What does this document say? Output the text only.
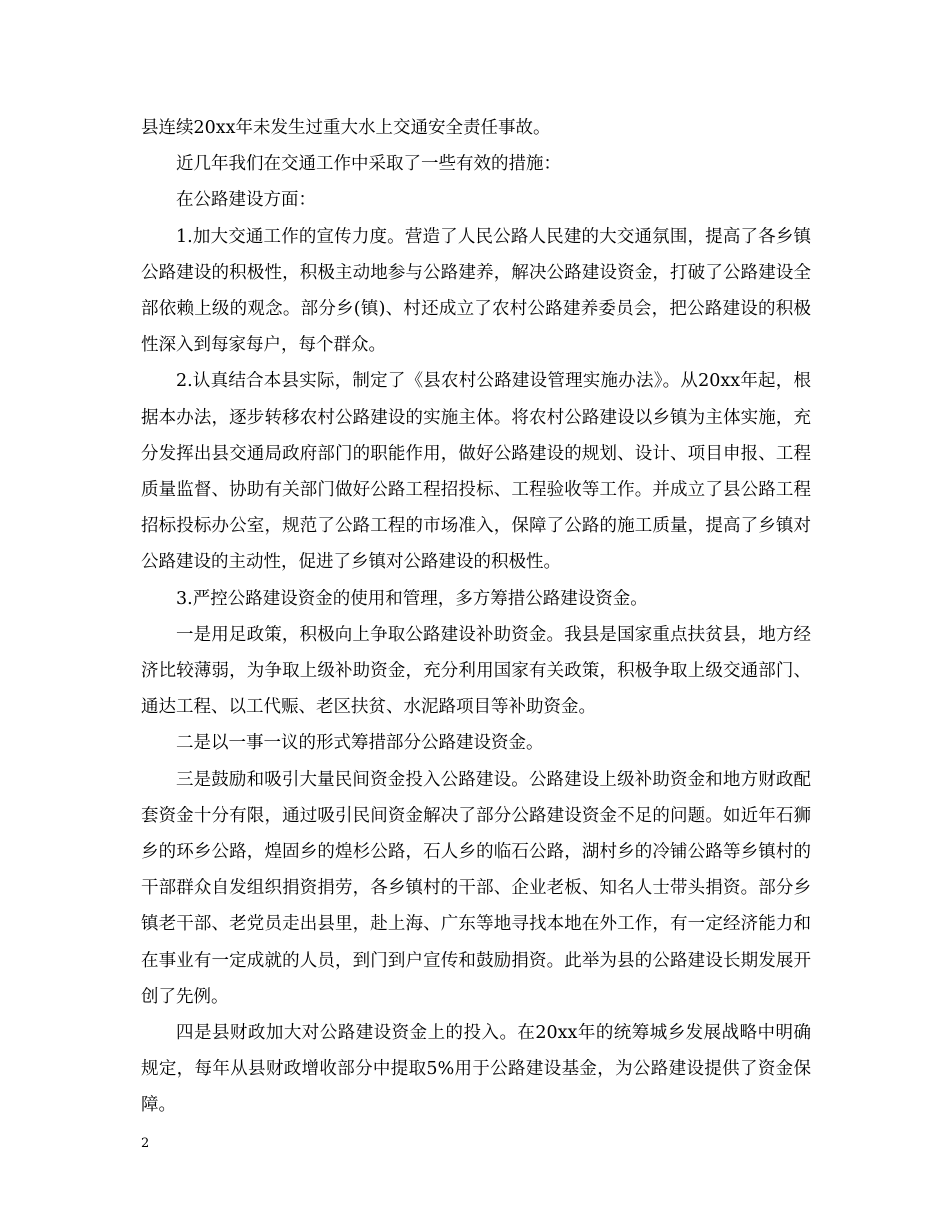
县连续20xx年未发生过重大水上交通安全责任事故。

近几年我们在交通工作中采取了一些有效的措施：

在公路建设方面：

1.加大交通工作的宣传力度。营造了人民公路人民建的大交通氛围，提高了各乡镇公路建设的积极性，积极主动地参与公路建养，解决公路建设资金，打破了公路建设全部依赖上级的观念。部分乡(镇)、村还成立了农村公路建养委员会，把公路建设的积极性深入到每家每户，每个群众。

2.认真结合本县实际，制定了《县农村公路建设管理实施办法》。从20xx年起，根据本办法，逐步转移农村公路建设的实施主体。将农村公路建设以乡镇为主体实施，充分发挥出县交通局政府部门的职能作用，做好公路建设的规划、设计、项目申报、工程质量监督、协助有关部门做好公路工程招投标、工程验收等工作。并成立了县公路工程招标投标办公室，规范了公路工程的市场准入，保障了公路的施工质量，提高了乡镇对公路建设的主动性，促进了乡镇对公路建设的积极性。

3.严控公路建设资金的使用和管理，多方筹措公路建设资金。

一是用足政策，积极向上争取公路建设补助资金。我县是国家重点扶贫县，地方经济比较薄弱，为争取上级补助资金，充分利用国家有关政策，积极争取上级交通部门、通达工程、以工代赈、老区扶贫、水泥路项目等补助资金。

二是以一事一议的形式筹措部分公路建设资金。

三是鼓励和吸引大量民间资金投入公路建设。公路建设上级补助资金和地方财政配套资金十分有限，通过吸引民间资金解决了部分公路建设资金不足的问题。如近年石狮乡的环乡公路，煌固乡的煌杉公路，石人乡的临石公路，湖村乡的冷铺公路等乡镇村的干部群众自发组织捐资捐劳，各乡镇村的干部、企业老板、知名人士带头捐资。部分乡镇老干部、老党员走出县里，赴上海、广东等地寻找本地在外工作，有一定经济能力和在事业有一定成就的人员，到门到户宣传和鼓励捐资。此举为县的公路建设长期发展开创了先例。

四是县财政加大对公路建设资金上的投入。在20xx年的统筹城乡发展战略中明确规定，每年从县财政增收部分中提取5%用于公路建设基金，为公路建设提供了资金保障。

2
